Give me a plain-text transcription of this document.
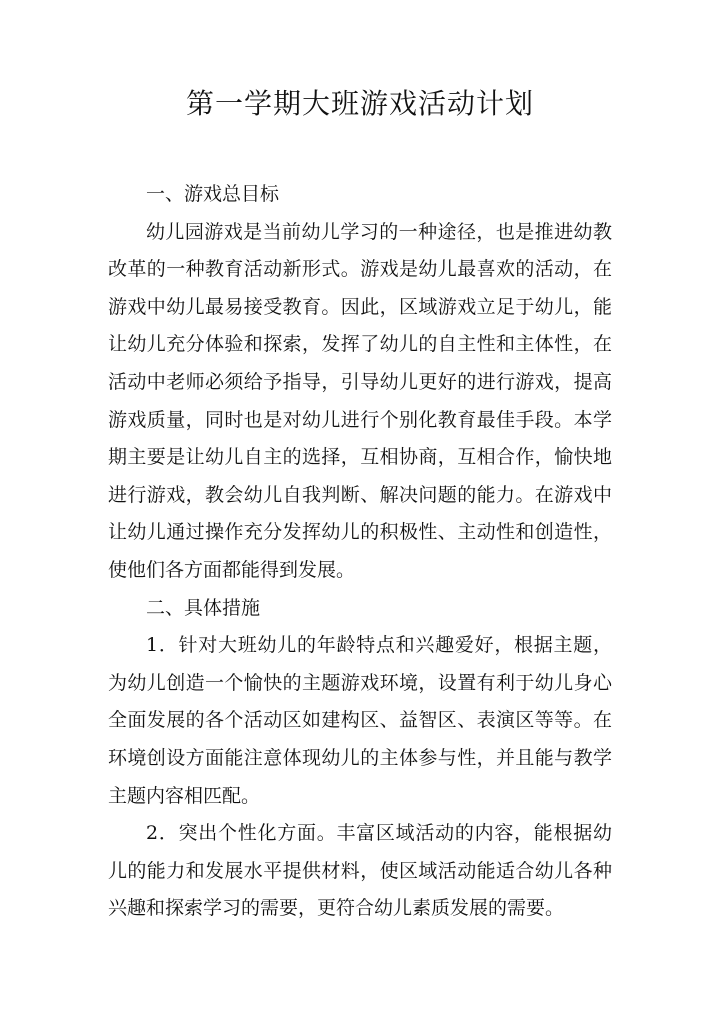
第一学期大班游戏活动计划

一、游戏总目标

幼儿园游戏是当前幼儿学习的一种途径，也是推进幼教改革的一种教育活动新形式。游戏是幼儿最喜欢的活动，在游戏中幼儿最易接受教育。因此，区域游戏立足于幼儿，能让幼儿充分体验和探索，发挥了幼儿的自主性和主体性，在活动中老师必须给予指导，引导幼儿更好的进行游戏，提高游戏质量，同时也是对幼儿进行个别化教育最佳手段。本学期主要是让幼儿自主的选择，互相协商，互相合作，愉快地进行游戏，教会幼儿自我判断、解决问题的能力。在游戏中让幼儿通过操作充分发挥幼儿的积极性、主动性和创造性，使他们各方面都能得到发展。

二、具体措施

1．针对大班幼儿的年龄特点和兴趣爱好，根据主题，为幼儿创造一个愉快的主题游戏环境，设置有利于幼儿身心全面发展的各个活动区如建构区、益智区、表演区等等。在环境创设方面能注意体现幼儿的主体参与性，并且能与教学主题内容相匹配。

2．突出个性化方面。丰富区域活动的内容，能根据幼儿的能力和发展水平提供材料，使区域活动能适合幼儿各种兴趣和探索学习的需要，更符合幼儿素质发展的需要。
